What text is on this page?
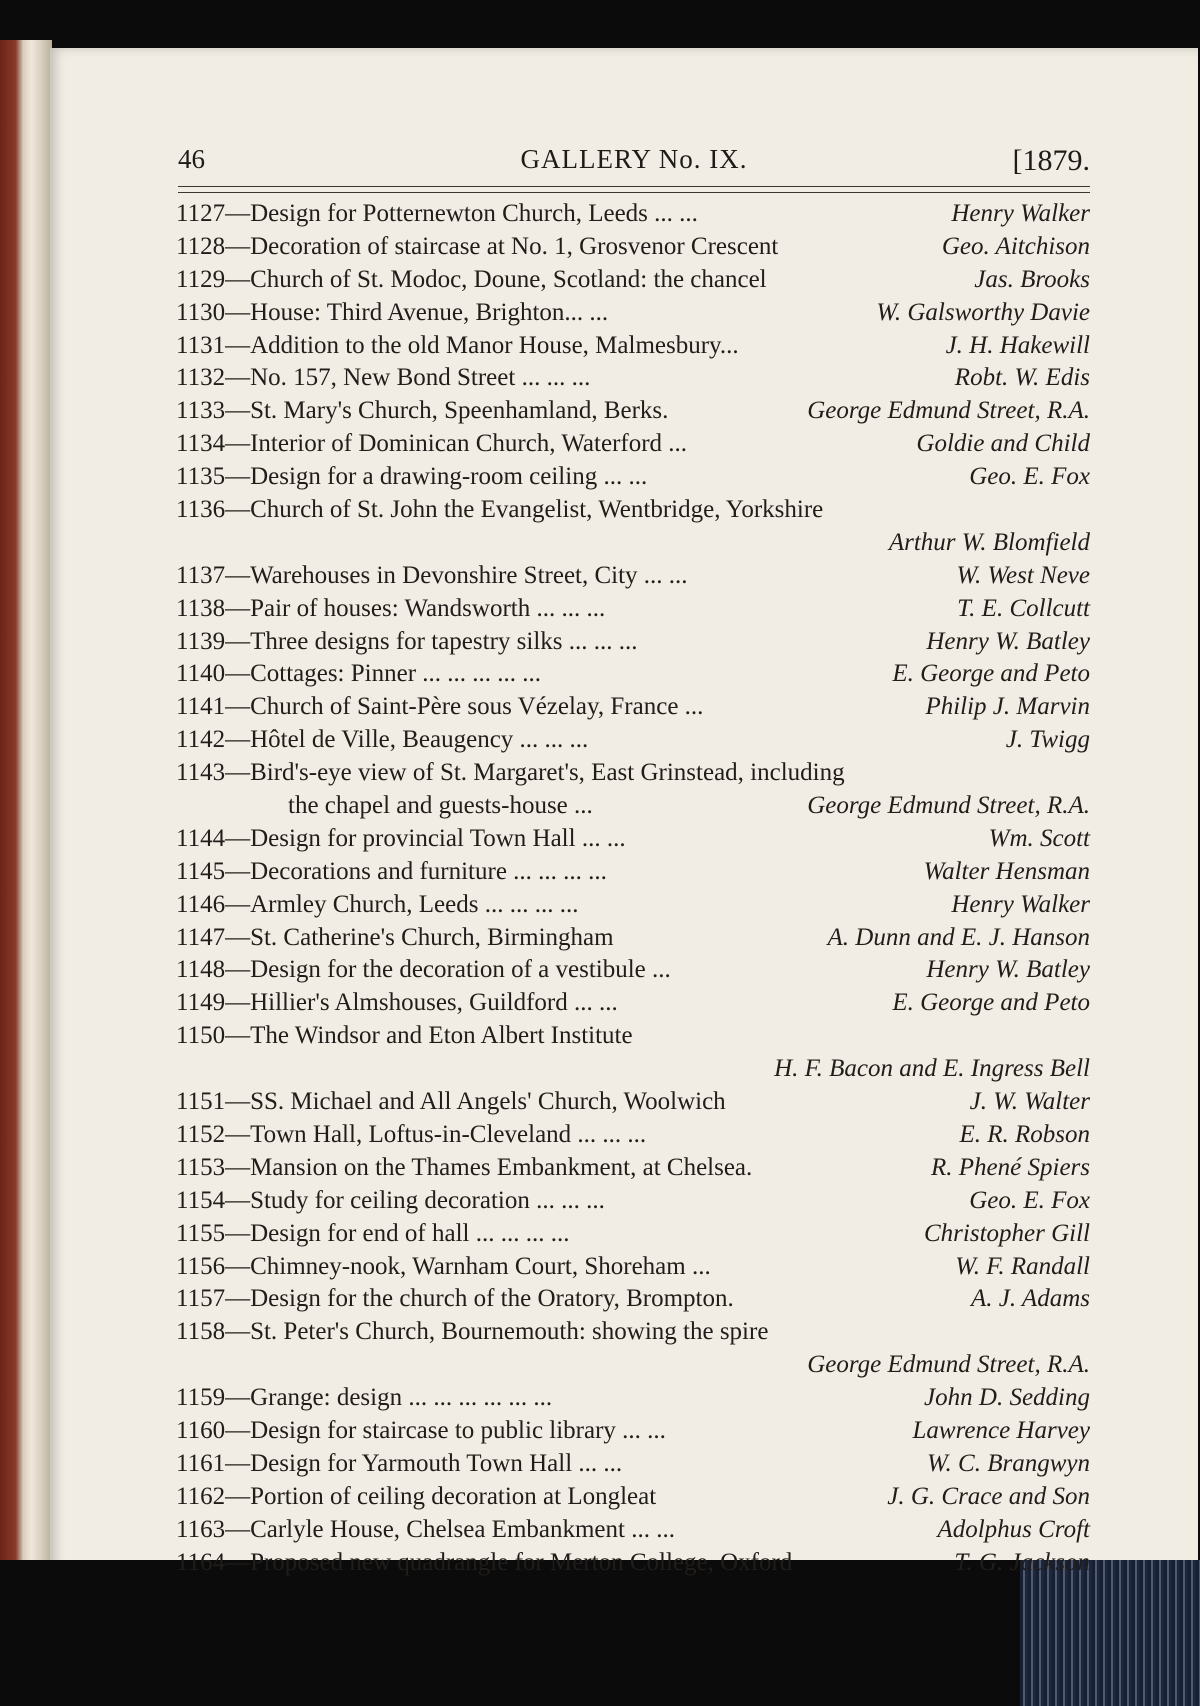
46	GALLERY No. IX.	[1879.
1127—Design for Potternewton Church, Leeds ... ...	Henry Walker
1128—Decoration of staircase at No. 1, Grosvenor Crescent	Geo. Aitchison
1129—Church of St. Modoc, Doune, Scotland: the chancel	Jas. Brooks
1130—House: Third Avenue, Brighton... ...	W. Galsworthy Davie
1131—Addition to the old Manor House, Malmesbury...	J. H. Hakewill
1132—No. 157, New Bond Street ... ... ...	Robt. W. Edis
1133—St. Mary's Church, Speenhamland, Berks.	George Edmund Street, R.A.
1134—Interior of Dominican Church, Waterford ...	Goldie and Child
1135—Design for a drawing-room ceiling ... ...	Geo. E. Fox
1136—Church of St. John the Evangelist, Wentbridge, Yorkshire
Arthur W. Blomfield
1137—Warehouses in Devonshire Street, City ... ...	W. West Neve
1138—Pair of houses: Wandsworth ... ... ...	T. E. Collcutt
1139—Three designs for tapestry silks ... ... ...	Henry W. Batley
1140—Cottages: Pinner ... ... ... ... ...	E. George and Peto
1141—Church of Saint-Père sous Vézelay, France ...	Philip J. Marvin
1142—Hôtel de Ville, Beaugency ... ... ...	J. Twigg
1143—Bird's-eye view of St. Margaret's, East Grinstead, including
the chapel and guests-house ...	George Edmund Street, R.A.
1144—Design for provincial Town Hall ... ...	Wm. Scott
1145—Decorations and furniture ... ... ... ...	Walter Hensman
1146—Armley Church, Leeds ... ... ... ...	Henry Walker
1147—St. Catherine's Church, Birmingham	A. Dunn and E. J. Hanson
1148—Design for the decoration of a vestibule ...	Henry W. Batley
1149—Hillier's Almshouses, Guildford ... ...	E. George and Peto
1150—The Windsor and Eton Albert Institute
H. F. Bacon and E. Ingress Bell
1151—SS. Michael and All Angels' Church, Woolwich	J. W. Walter
1152—Town Hall, Loftus-in-Cleveland ... ... ...	E. R. Robson
1153—Mansion on the Thames Embankment, at Chelsea.	R. Phené Spiers
1154—Study for ceiling decoration ... ... ...	Geo. E. Fox
1155—Design for end of hall ... ... ... ...	Christopher Gill
1156—Chimney-nook, Warnham Court, Shoreham ...	W. F. Randall
1157—Design for the church of the Oratory, Brompton.	A. J. Adams
1158—St. Peter's Church, Bournemouth: showing the spire
George Edmund Street, R.A.
1159—Grange: design ... ... ... ... ... ...	John D. Sedding
1160—Design for staircase to public library ... ...	Lawrence Harvey
1161—Design for Yarmouth Town Hall ... ...	W. C. Brangwyn
1162—Portion of ceiling decoration at Longleat	J. G. Crace and Son
1163—Carlyle House, Chelsea Embankment ... ...	Adolphus Croft
1164—Proposed new quadrangle for Merton College, Oxford	T. G. Jackson
